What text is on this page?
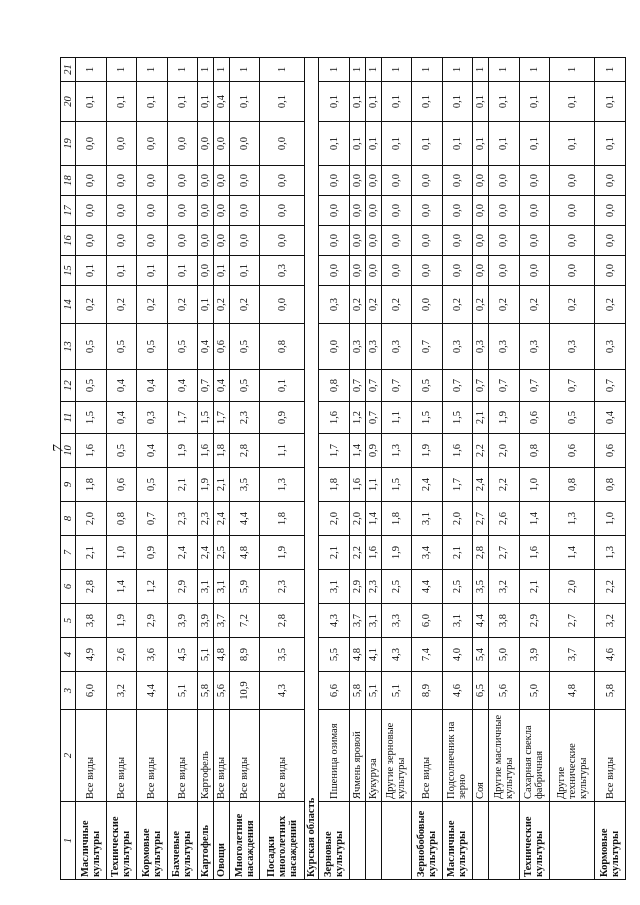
7
1	2	3	4	5	6	7	8	9	10	11	12	13	14	15	16	17	18	19	20	21
Масличные культуры	Все виды	6,0	4,9	3,8	2,8	2,1	2,0	1,8	1,6	1,5	0,5	0,5	0,2	0,1	0,0	0,0	0,0	0,0	0,1	1
Технические культуры	Все виды	3,2	2,6	1,9	1,4	1,0	0,8	0,6	0,5	0,4	0,4	0,5	0,2	0,1	0,0	0,0	0,0	0,0	0,1	1
Кормовые культуры	Все виды	4,4	3,6	2,9	1,2	0,9	0,7	0,5	0,4	0,3	0,4	0,5	0,2	0,1	0,0	0,0	0,0	0,0	0,1	1
Бахчевые культуры	Все виды	5,1	4,5	3,9	2,9	2,4	2,3	2,1	1,9	1,7	0,4	0,5	0,2	0,1	0,0	0,0	0,0	0,0	0,1	1
Картофель	Картофель	5,8	5,1	3,9	3,1	2,4	2,3	1,9	1,6	1,5	0,7	0,4	0,1	0,0	0,0	0,0	0,0	0,0	0,1	1
Овощи	Все виды	5,6	4,8	3,7	3,1	2,5	2,4	2,1	1,8	1,7	0,4	0,6	0,2	0,1	0,0	0,0	0,0	0,0	0,4	1
Многолетние насаждения	Все виды	10,9	8,9	7,2	5,9	4,8	4,4	3,5	2,8	2,3	0,5	0,5	0,2	0,1	0,0	0,0	0,0	0,0	0,1	1
Посадки многолетних насаждений	Все виды	4,3	3,5	2,8	2,3	1,9	1,8	1,3	1,1	0,9	0,1	0,8	0,0	0,3	0,0	0,0	0,0	0,0	0,1	1
Курская область																				
Зерновые культуры	Пшеница озимая	6,6	5,5	4,3	3,1	2,1	2,0	1,8	1,7	1,6	0,8	0,0	0,3	0,0	0,0	0,0	0,0	0,1	0,1	1
	Ячмень яровой	5,8	4,8	3,7	2,9	2,2	2,0	1,6	1,4	1,2	0,7	0,3	0,2	0,0	0,0	0,0	0,0	0,1	0,1	1
	Кукуруза	5,1	4,1	3,1	2,3	1,6	1,4	1,1	0,9	0,7	0,7	0,3	0,2	0,0	0,0	0,0	0,0	0,1	0,1	1
	Другие зерновые культуры	5,1	4,3	3,3	2,5	1,9	1,8	1,5	1,3	1,1	0,7	0,3	0,2	0,0	0,0	0,0	0,0	0,1	0,1	1
Зернобобовые культуры	Все виды	8,9	7,4	6,0	4,4	3,4	3,1	2,4	1,9	1,5	0,5	0,7	0,0	0,0	0,0	0,0	0,0	0,1	0,1	1
Масличные культуры	Подсолнечник на зерно	4,6	4,0	3,1	2,5	2,1	2,0	1,7	1,6	1,5	0,7	0,3	0,2	0,0	0,0	0,0	0,0	0,1	0,1	1
	Соя	6,5	5,4	4,4	3,5	2,8	2,7	2,4	2,2	2,1	0,7	0,3	0,2	0,0	0,0	0,0	0,0	0,1	0,1	1
	Другие масличные культуры	5,6	5,0	3,8	3,2	2,7	2,6	2,2	2,0	1,9	0,7	0,3	0,2	0,0	0,0	0,0	0,0	0,1	0,1	1
Технические культуры	Сахарная свекла фабричная	5,0	3,9	2,9	2,1	1,6	1,4	1,0	0,8	0,6	0,7	0,3	0,2	0,0	0,0	0,0	0,0	0,1	0,1	1
	Другие технические культуры	4,8	3,7	2,7	2,0	1,4	1,3	0,8	0,6	0,5	0,7	0,3	0,2	0,0	0,0	0,0	0,0	0,1	0,1	1
Кормовые культуры	Все виды	5,8	4,6	3,2	2,2	1,3	1,0	0,8	0,6	0,4	0,7	0,3	0,2	0,0	0,0	0,0	0,0	0,1	0,1	1
